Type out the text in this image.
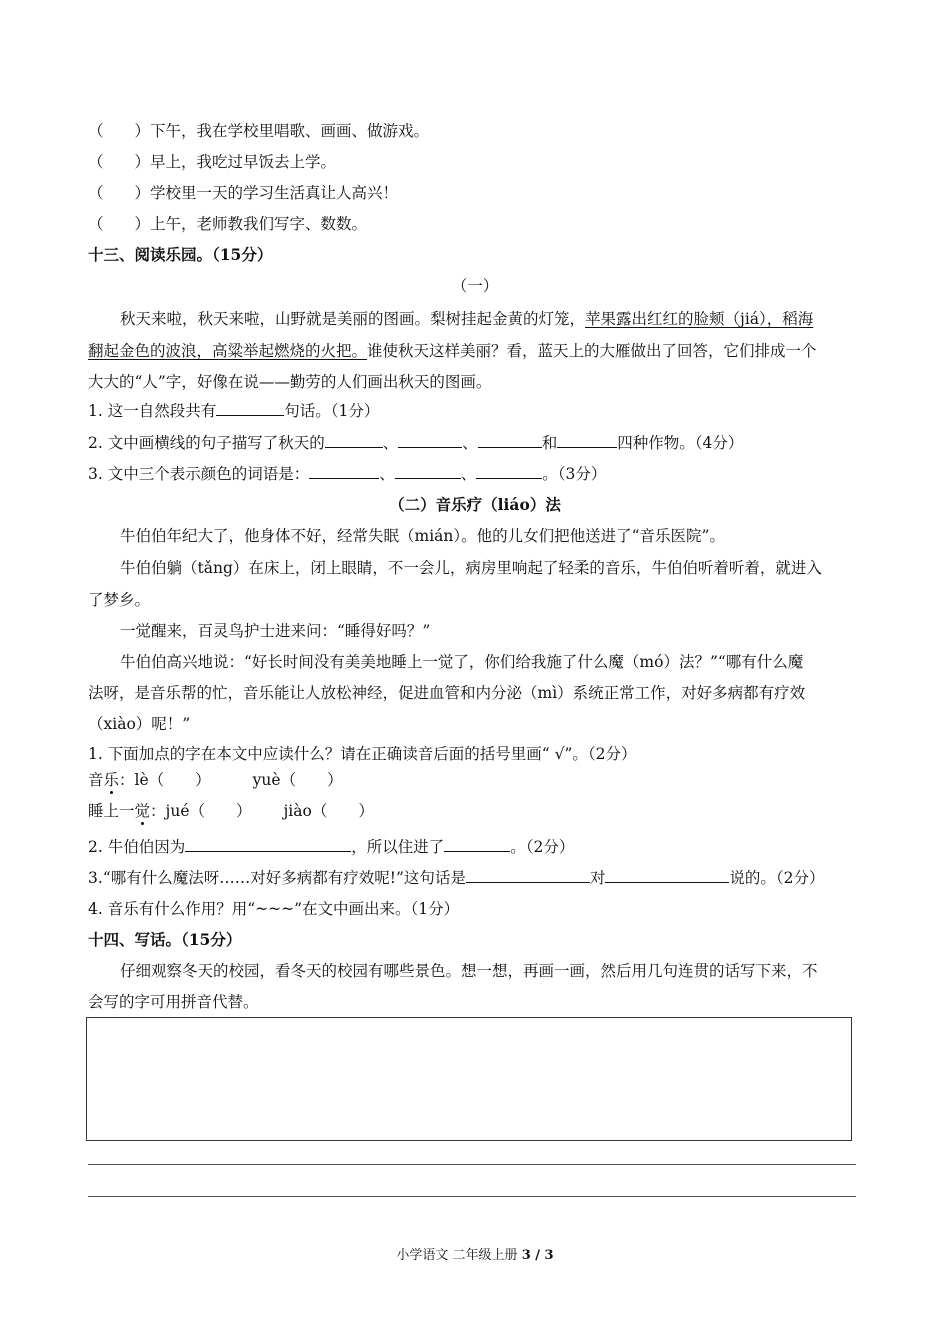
（　　）下午，我在学校里唱歌、画画、做游戏。
（　　）早上，我吃过早饭去上学。
（　　）学校里一天的学习生活真让人高兴！
（　　）上午，老师教我们写字、数数。
十三、阅读乐园。（15分）
（一）
秋天来啦，秋天来啦，山野就是美丽的图画。梨树挂起金黄的灯笼，苹果露出红红的脸颊（jiá），稻海
翻起金色的波浪，高粱举起燃烧的火把。谁使秋天这样美丽？看，蓝天上的大雁做出了回答，它们排成一个
大大的“人”字，好像在说——勤劳的人们画出秋天的图画。
1. 这一自然段共有	句话。（1分）
2. 文中画横线的句子描写了秋天的	、	、	和	四种作物。（4分）
3. 文中三个表示颜色的词语是：	、	、	。（3分）
（二）音乐疗（liáo）法
牛伯伯年纪大了，他身体不好，经常失眠（mián）。他的儿女们把他送进了“音乐医院”。
牛伯伯躺（tǎng）在床上，闭上眼睛，不一会儿，病房里响起了轻柔的音乐，牛伯伯听着听着，就进入
了梦乡。
一觉醒来，百灵鸟护士进来问：“睡得好吗？”
牛伯伯高兴地说：“好长时间没有美美地睡上一觉了，你们给我施了什么魔（mó）法？”“哪有什么魔
法呀，是音乐帮的忙，音乐能让人放松神经，促进血管和内分泌（mì）系统正常工作，对好多病都有疗效
（xiào）呢！”
1. 下面加点的字在本文中应读什么？请在正确读音后面的括号里画“ √”。（2分）
音乐：lè（　　）	yuè（　　）
睡上一觉：jué（　　） jiào（　　）
2. 牛伯伯因为	，所以住进了	。（2分）
3.“哪有什么魔法呀……对好多病都有疗效呢!”这句话是	对	说的。（2分）
4. 音乐有什么作用？用“~~~”在文中画出来。（1分）
十四、写话。（15分）
仔细观察冬天的校园，看冬天的校园有哪些景色。想一想，再画一画，然后用几句连贯的话写下来，不
会写的字可用拼音代替。
小学语文 二年级上册 3 / 3
